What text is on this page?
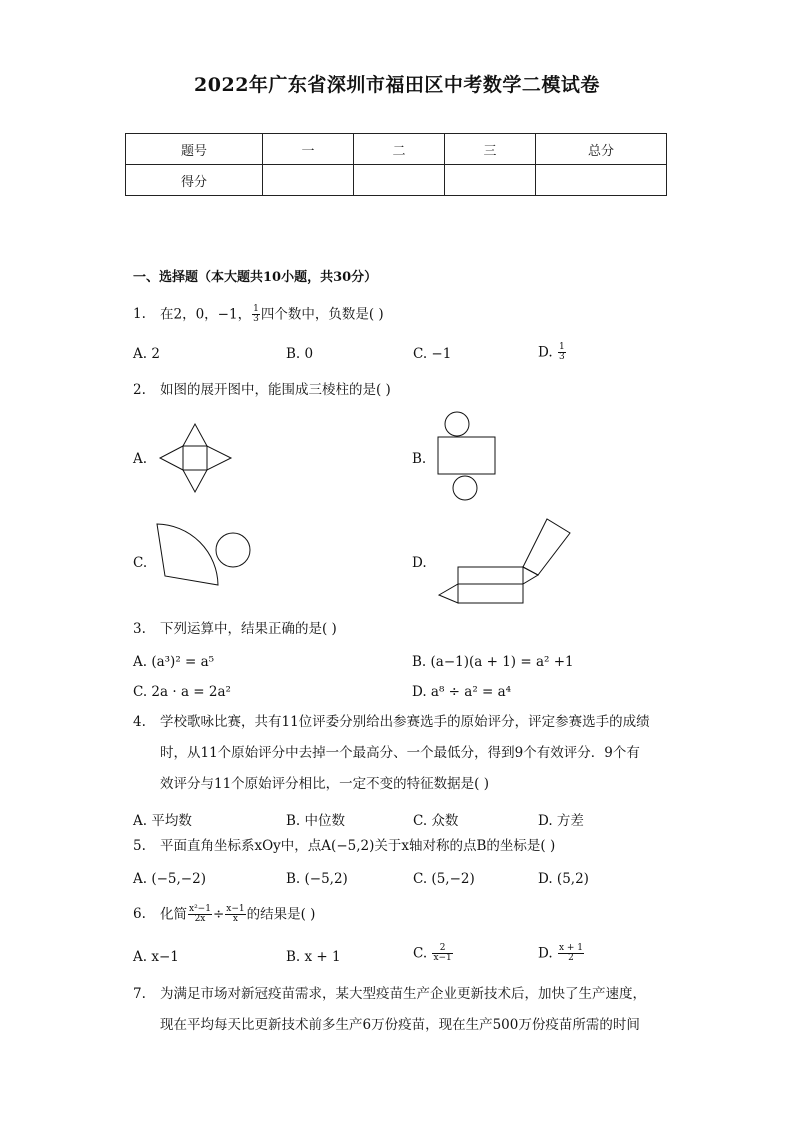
2022年广东省深圳市福田区中考数学二模试卷
题号	一	二	三	总分
得分				
一、选择题（本大题共10小题，共30分）
1. 在2，0，−1， $\frac{1}{3}$ 四个数中，负数是( )
A. 2	B. 0	C. −1	D. $\frac{1}{3}$
2. 如图的展开图中，能围成三棱柱的是( )
A.	B.
C.	D.
3. 下列运算中，结果正确的是( )
A. (a³)² = a⁵	B. (a−1)(a + 1) = a² +1
C. 2a · a = 2a²	D. a⁸ ÷ a² = a⁴
4. 学校歌咏比赛，共有11位评委分别给出参赛选手的原始评分，评定参赛选手的成绩
时，从11个原始评分中去掉一个最高分、一个最低分，得到9个有效评分．9个有
效评分与11个原始评分相比，一定不变的特征数据是( )
A. 平均数	B. 中位数	C. 众数	D. 方差
5. 平面直角坐标系xOy中，点A(−5,2)关于x轴对称的点B的坐标是( )
A. (−5,−2)	B. (−5,2)	C. (5,−2)	D. (5,2)
6. 化简 $\frac{\text{x²−1}}{2x} \div \frac{x-1}{x}$ 的结果是( )
A. x−1	B. x + 1	C. $\frac{2}{x-1}$	D. $\frac{x + 1}{2}$
7. 为满足市场对新冠疫苗需求，某大型疫苗生产企业更新技术后，加快了生产速度，
现在平均每天比更新技术前多生产6万份疫苗，现在生产500万份疫苗所需的时间
